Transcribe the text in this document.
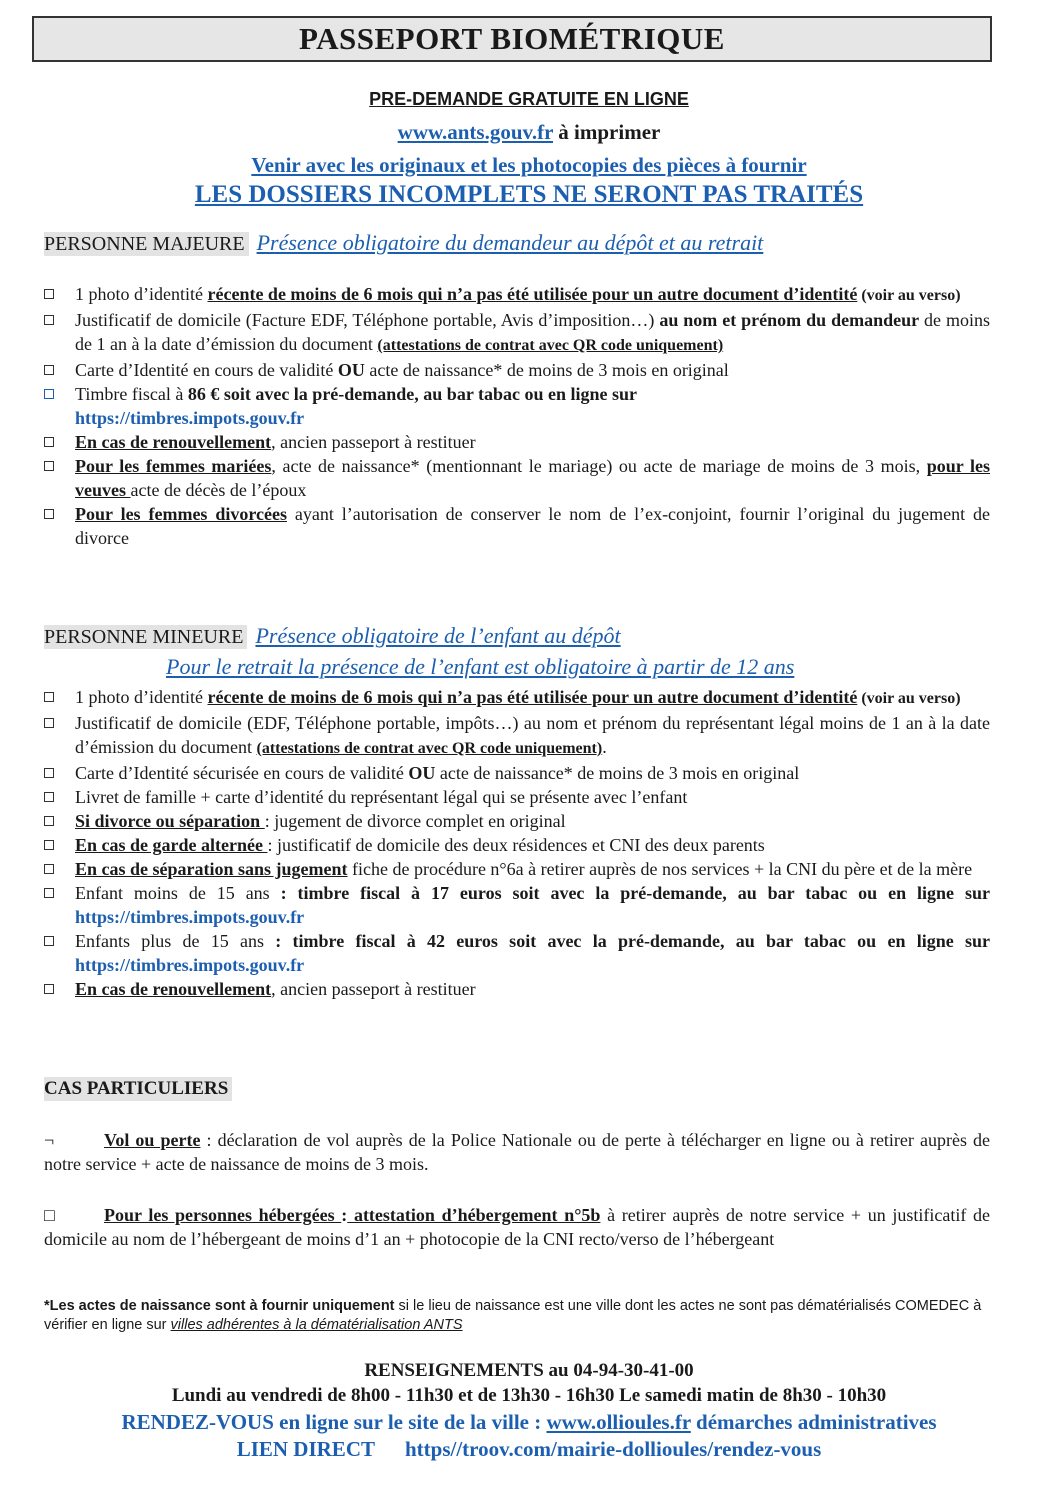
PASSEPORT BIOMÉTRIQUE
PRE-DEMANDE GRATUITE EN LIGNE
www.ants.gouv.fr à imprimer
Venir avec les originaux et les photocopies des pièces à fournir
LES DOSSIERS INCOMPLETS NE SERONT PAS TRAITÉS
PERSONNE MAJEURE Présence obligatoire du demandeur au dépôt et au retrait
1 photo d’identité récente de moins de 6 mois qui n’a pas été utilisée pour un autre document d’identité (voir au verso)
Justificatif de domicile (Facture EDF, Téléphone portable, Avis d’imposition…) au nom et prénom du demandeur de moins de 1 an à la date d’émission du document (attestations de contrat avec QR code uniquement)
Carte d’Identité en cours de validité OU acte de naissance* de moins de 3 mois en original
Timbre fiscal à 86 € soit avec la pré-demande, au bar tabac ou en ligne sur
https://timbres.impots.gouv.fr
En cas de renouvellement, ancien passeport à restituer
Pour les femmes mariées, acte de naissance* (mentionnant le mariage) ou acte de mariage de moins de 3 mois, pour les veuves acte de décès de l’époux
Pour les femmes divorcées ayant l’autorisation de conserver le nom de l’ex-conjoint, fournir l’original du jugement de divorce
PERSONNE MINEURE Présence obligatoire de l’enfant au dépôt
Pour le retrait la présence de l’enfant est obligatoire à partir de 12 ans
1 photo d’identité récente de moins de 6 mois qui n’a pas été utilisée pour un autre document d’identité (voir au verso)
Justificatif de domicile (EDF, Téléphone portable, impôts…) au nom et prénom du représentant légal moins de 1 an à la date d’émission du document (attestations de contrat avec QR code uniquement).
Carte d’Identité sécurisée en cours de validité OU acte de naissance* de moins de 3 mois en original
Livret de famille + carte d’identité du représentant légal qui se présente avec l’enfant
Si divorce ou séparation : jugement de divorce complet en original
En cas de garde alternée : justificatif de domicile des deux résidences et CNI des deux parents
En cas de séparation sans jugement fiche de procédure n°6a à retirer auprès de nos services + la CNI du père et de la mère
Enfant moins de 15 ans : timbre fiscal à 17 euros soit avec la pré-demande, au bar tabac ou en ligne sur https://timbres.impots.gouv.fr
Enfants plus de 15 ans : timbre fiscal à 42 euros soit avec la pré-demande, au bar tabac ou en ligne sur https://timbres.impots.gouv.fr
En cas de renouvellement, ancien passeport à restituer
CAS PARTICULIERS
¬	Vol ou perte : déclaration de vol auprès de la Police Nationale ou de perte à télécharger en ligne ou à retirer auprès de notre service + acte de naissance de moins de 3 mois.
□	Pour les personnes hébergées : attestation d’hébergement n°5b à retirer auprès de notre service + un justificatif de domicile au nom de l’hébergeant de moins d’1 an + photocopie de la CNI recto/verso de l’hébergeant
*Les actes de naissance sont à fournir uniquement si le lieu de naissance est une ville dont les actes ne sont pas dématérialisés COMEDEC à vérifier en ligne sur villes adhérentes à la dématérialisation ANTS
RENSEIGNEMENTS au 04-94-30-41-00
Lundi au vendredi de 8h00 - 11h30 et de 13h30 - 16h30 Le samedi matin de 8h30 - 10h30
RENDEZ-VOUS en ligne sur le site de la ville : www.ollioules.fr démarches administratives
LIEN DIRECT https//troov.com/mairie-dollioules/rendez-vous
